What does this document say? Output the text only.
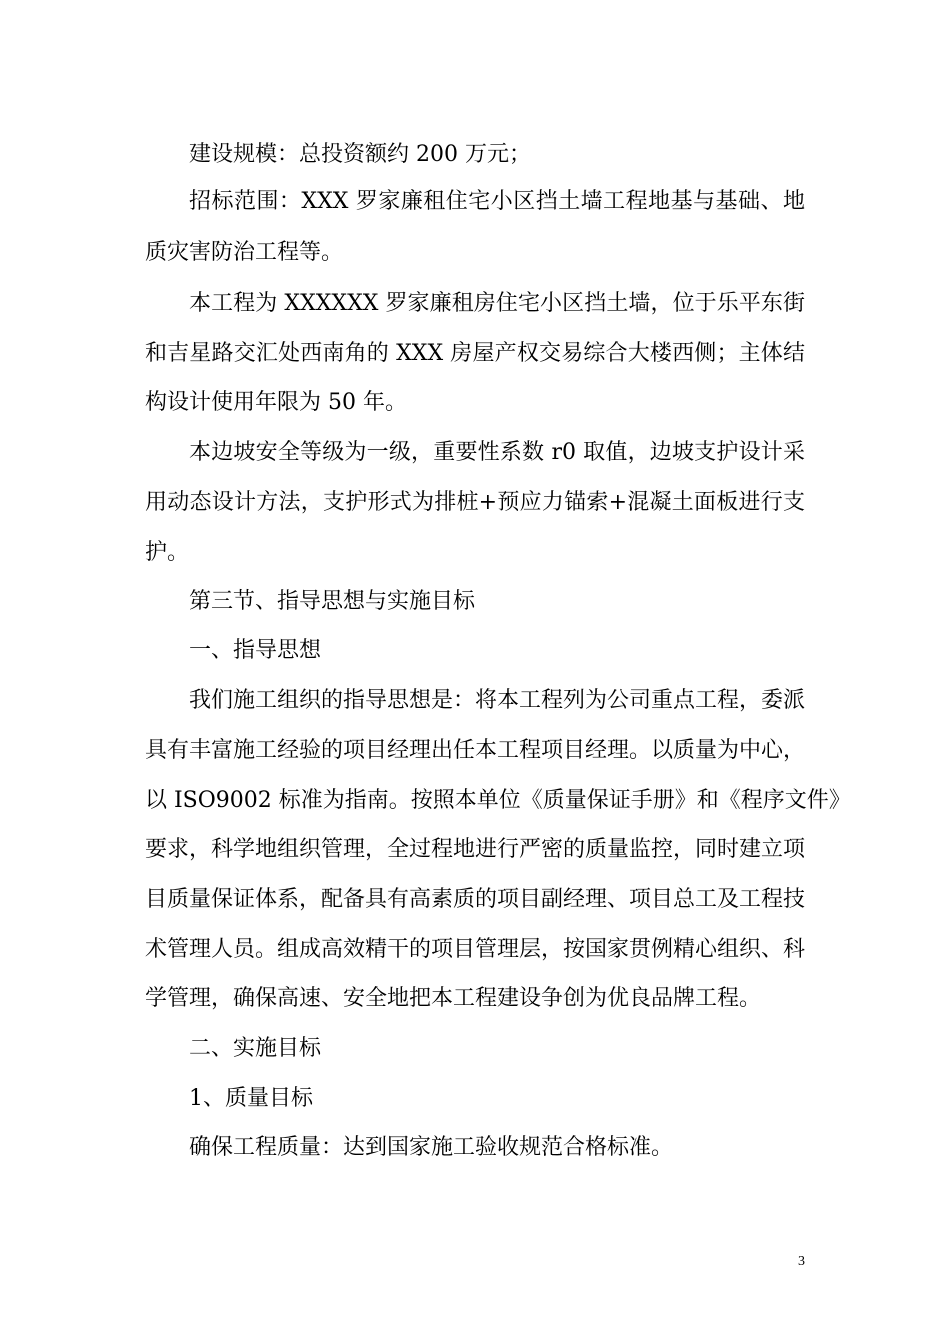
建设规模：总投资额约 200 万元；
招标范围：XXX 罗家廉租住宅小区挡土墙工程地基与基础、地
质灾害防治工程等。
本工程为 XXXXXX 罗家廉租房住宅小区挡土墙，位于乐平东街
和吉星路交汇处西南角的 XXX 房屋产权交易综合大楼西侧；主体结
构设计使用年限为 50 年。
本边坡安全等级为一级，重要性系数 r0 取值，边坡支护设计采
用动态设计方法，支护形式为排桩+预应力锚索+混凝土面板进行支
护。
第三节、指导思想与实施目标
一、指导思想
我们施工组织的指导思想是：将本工程列为公司重点工程，委派
具有丰富施工经验的项目经理出任本工程项目经理。以质量为中心，
以 ISO9002 标准为指南。按照本单位《质量保证手册》和《程序文件》
要求，科学地组织管理，全过程地进行严密的质量监控，同时建立项
目质量保证体系，配备具有高素质的项目副经理、项目总工及工程技
术管理人员。组成高效精干的项目管理层，按国家贯例精心组织、科
学管理，确保高速、安全地把本工程建设争创为优良品牌工程。
二、实施目标
1、质量目标
确保工程质量：达到国家施工验收规范合格标准。
3
